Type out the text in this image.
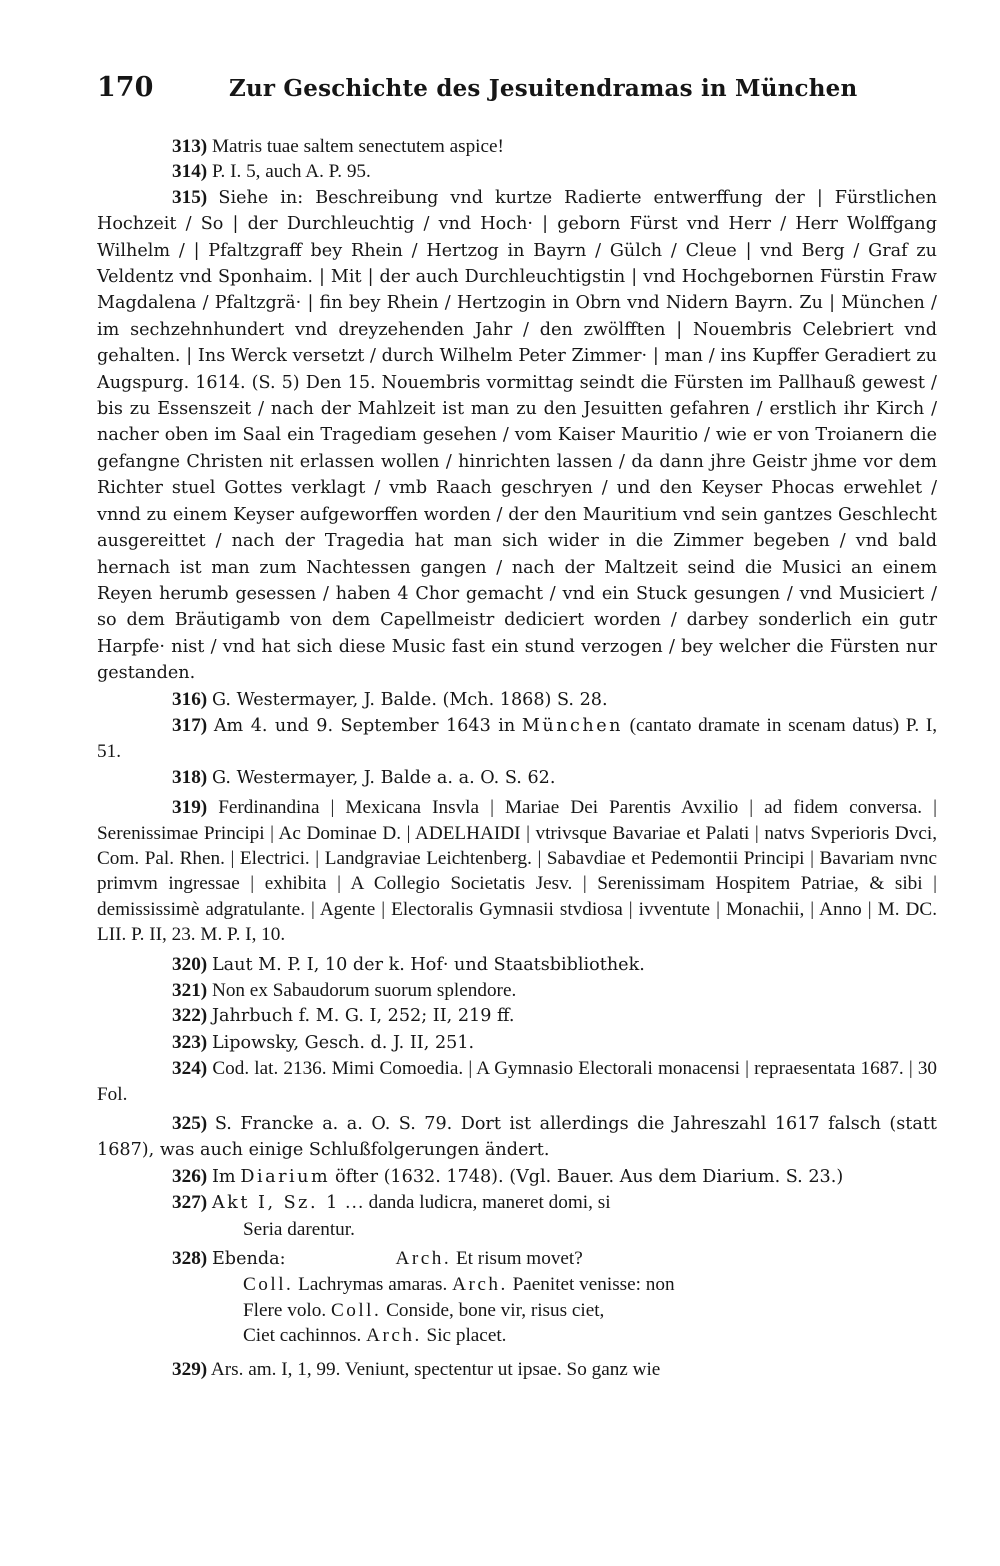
170	Zur Geschichte des Jesuitendramas in München

313) Matris tuae saltem senectutem aspice!

314) P. I. 5, auch A. P. 95.

315) Siehe in: Beschreibung vnd kurtze Radierte entwerffung der | Fürstlichen Hochzeit / So | der Durchleuchtig / vnd Hoch· | geborn Fürst vnd Herr / Herr Wolffgang Wilhelm / | Pfaltzgraff bey Rhein / Hertzog in Bayrn / Gülch / Cleue | vnd Berg / Graf zu Veldentz vnd Sponhaim. | Mit | der auch Durchleuchtigstin | vnd Hochgebornen Fürstin Fraw Magdalena / Pfaltzgrä· | fin bey Rhein / Hertzogin in Obrn vnd Nidern Bayrn. Zu | München / im sechzehnhundert vnd dreyzehenden Jahr / den zwölfften | Nouembris Celebriert vnd gehalten. | Ins Werck versetzt / durch Wilhelm Peter Zimmer· | man / ins Kupffer Geradiert zu Augspurg. 1614. (S. 5) Den 15. Nouembris vormittag seindt die Fürsten im Pallhauß gewest / bis zu Essenszeit / nach der Mahlzeit ist man zu den Jesuitten gefahren / erstlich ihr Kirch / nacher oben im Saal ein Tragediam gesehen / vom Kaiser Mauritio / wie er von Troianern die gefangne Christen nit erlassen wollen / hinrichten lassen / da dann jhre Geistr jhme vor dem Richter stuel Gottes verklagt / vmb Raach geschryen / und den Keyser Phocas erwehlet / vnnd zu einem Keyser aufgeworffen worden / der den Mauritium vnd sein gantzes Geschlecht ausgereittet / nach der Tragedia hat man sich wider in die Zimmer begeben / vnd bald hernach ist man zum Nachtessen gangen / nach der Maltzeit seind die Musici an einem Reyen herumb gesessen / haben 4 Chor gemacht / vnd ein Stuck gesungen / vnd Musiciert / so dem Bräutigamb von dem Capellmeistr dediciert worden / darbey sonderlich ein gutr Harpfe· nist / vnd hat sich diese Music fast ein stund verzogen / bey welcher die Fürsten nur gestanden.

316) G. Westermayer, J. Balde. (Mch. 1868) S. 28.

317) Am 4. und 9. September 1643 in München (cantato dramate in scenam datus) P. I, 51.

318) G. Westermayer, J. Balde a. a. O. S. 62.

319) Ferdinandina | Mexicana Insvla | Mariae Dei Parentis Avxilio | ad fidem conversa. | Serenissimae Principi | Ac Dominae D. | ADELHAIDI | vtrivsque Bavariae et Palati | natvs Svperioris Dvci, Com. Pal. Rhen. | Electrici. | Landgraviae Leichtenberg. | Sabavdiae et Pedemontii Principi | Bavariam nvnc primvm ingressae | exhibita | A Collegio Societatis Jesv. | Serenissimam Hospitem Patriae, & sibi | demississimè adgratulante. | Agente | Electoralis Gymnasii stvdiosa | ivventute | Monachii, | Anno | M. DC. LII. P. II, 23. M. P. I, 10.

320) Laut M. P. I, 10 der k. Hof· und Staatsbibliothek.

321) Non ex Sabaudorum suorum splendore.

322) Jahrbuch f. M. G. I, 252; II, 219 ff.

323) Lipowsky, Gesch. d. J. II, 251.

324) Cod. lat. 2136. Mimi Comoedia. | A Gymnasio Electorali monacensi | repraesentata 1687. | 30 Fol.

325) S. Francke a. a. O. S. 79. Dort ist allerdings die Jahreszahl 1617 falsch (statt 1687), was auch einige Schlußfolgerungen ändert.

326) Im Diarium öfter (1632. 1748). (Vgl. Bauer. Aus dem Diarium. S. 23.)

327) Akt I, Sz. 1 … danda ludicra, maneret domi, si

Seria darentur.

328) Ebenda:	Arch. Et risum movet?

Coll. Lachrymas amaras. Arch. Paenitet venisse: non

Flere volo. Coll. Conside, bone vir, risus ciet,

Ciet cachinnos. Arch. Sic placet.

329) Ars. am. I, 1, 99. Veniunt, spectentur ut ipsae. So ganz wie
